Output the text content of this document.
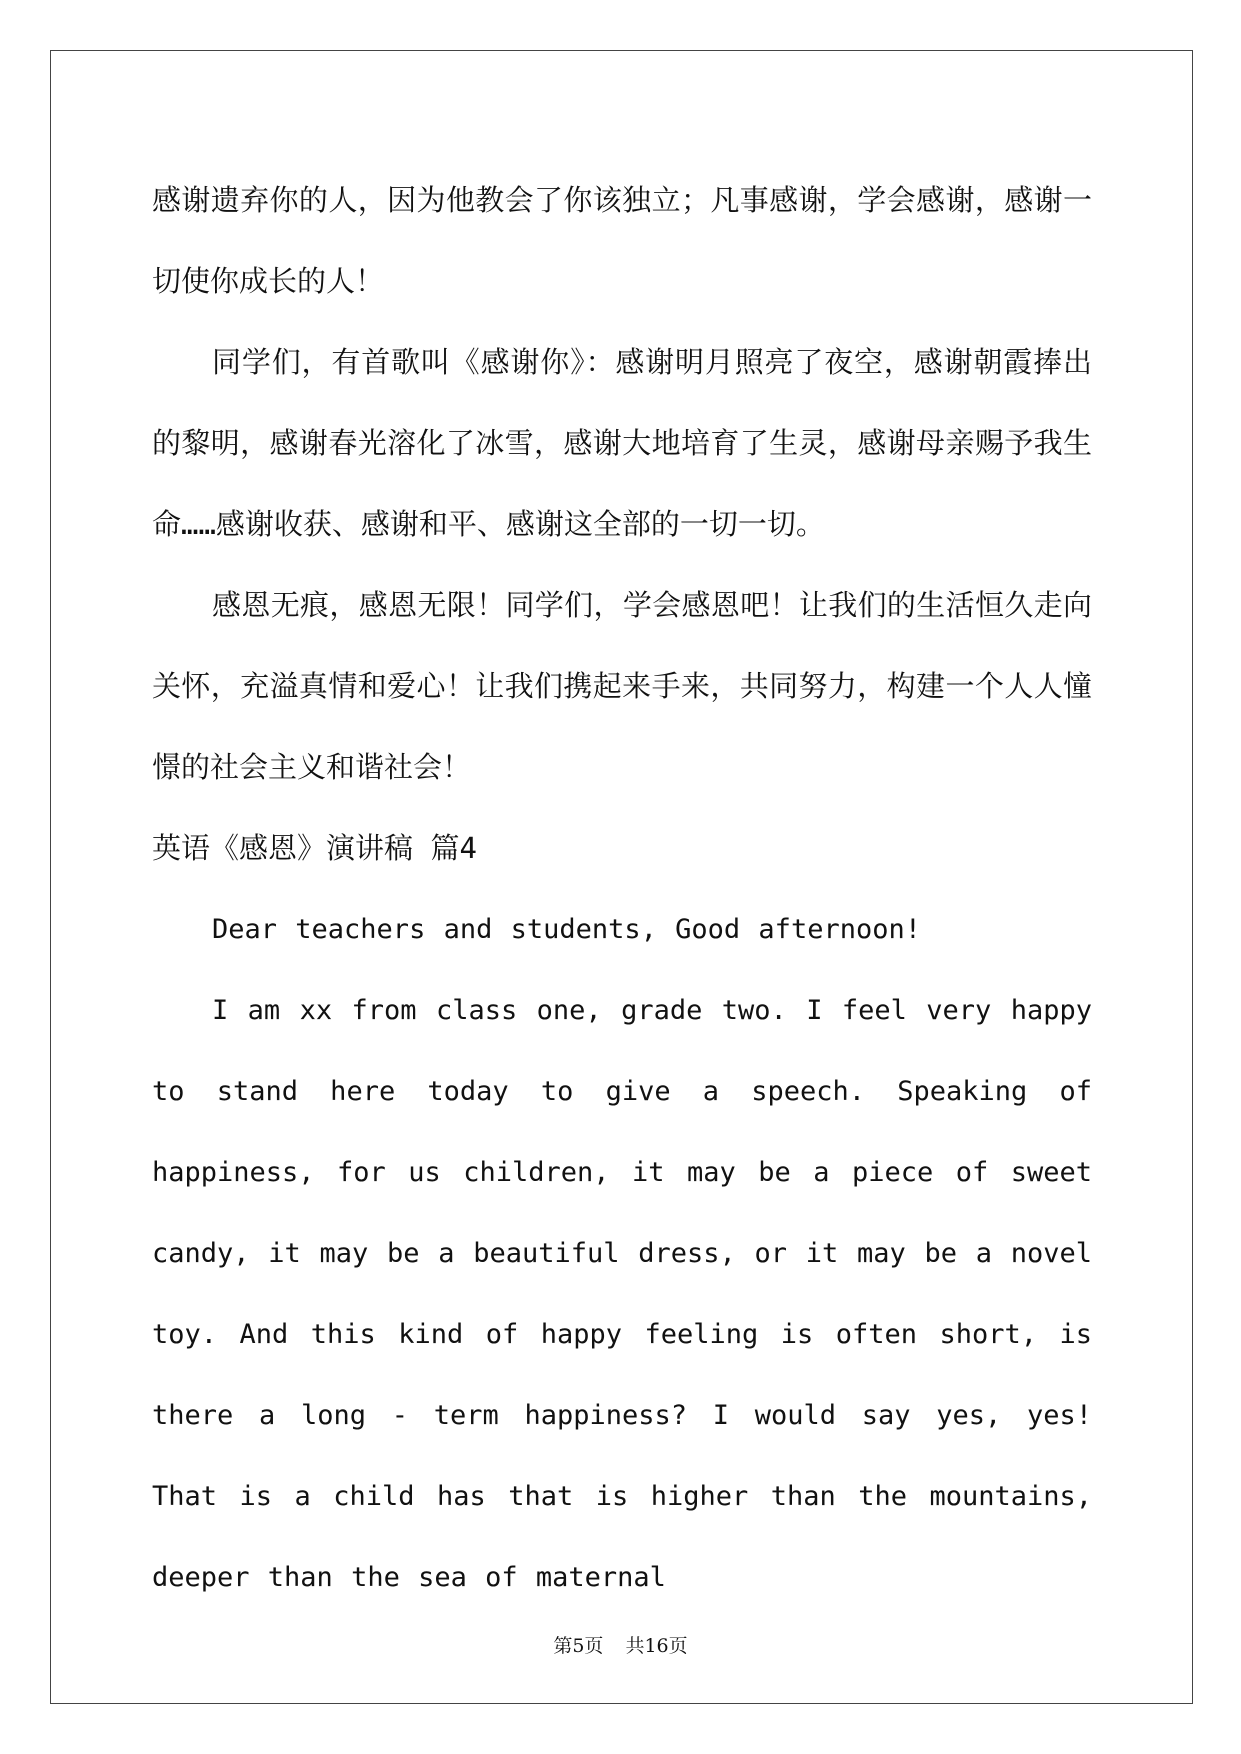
感谢遗弃你的人，因为他教会了你该独立；凡事感谢，学会感谢，感谢一切使你成长的人！

同学们，有首歌叫《感谢你》：感谢明月照亮了夜空，感谢朝霞捧出的黎明，感谢春光溶化了冰雪，感谢大地培育了生灵，感谢母亲赐予我生命……感谢收获、感谢和平、感谢这全部的一切一切。

感恩无痕，感恩无限！同学们，学会感恩吧！让我们的生活恒久走向关怀，充溢真情和爱心！让我们携起来手来，共同努力，构建一个人人憧憬的社会主义和谐社会！

英语《感恩》演讲稿 篇4

Dear teachers and students, Good afternoon!

I am xx from class one, grade two. I feel very happy to stand here today to give a speech. Speaking of happiness, for us children, it may be a piece of sweet candy, it may be a beautiful dress, or it may be a novel toy. And this kind of happy feeling is often short, is there a long - term happiness? I would say yes, yes! That is a child has that is higher than the mountains, deeper than the sea of maternal

第5页 共16页
